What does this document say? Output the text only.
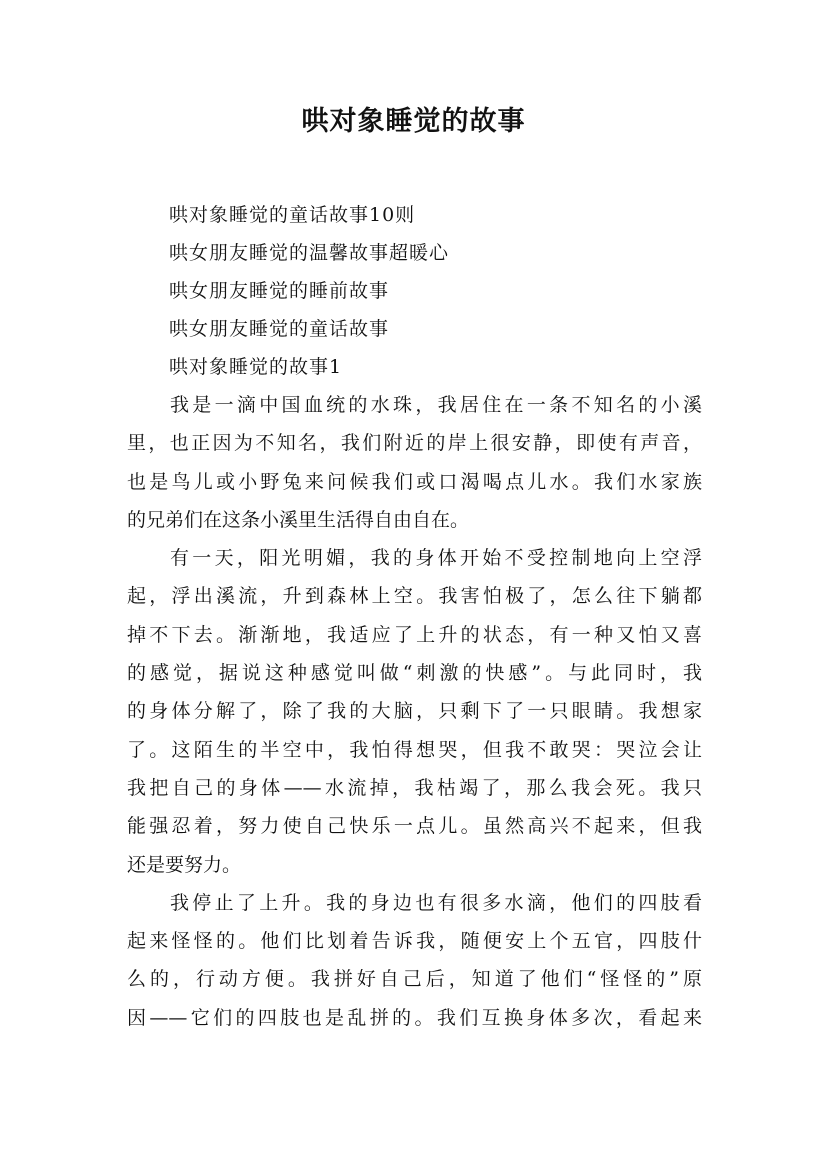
哄对象睡觉的故事
哄对象睡觉的童话故事10则
哄女朋友睡觉的温馨故事超暖心
哄女朋友睡觉的睡前故事
哄女朋友睡觉的童话故事
哄对象睡觉的故事1
我是一滴中国血统的水珠，我居住在一条不知名的小溪
里，也正因为不知名，我们附近的岸上很安静，即使有声音，
也是鸟儿或小野兔来问候我们或口渴喝点儿水。我们水家族
的兄弟们在这条小溪里生活得自由自在。
有一天，阳光明媚，我的身体开始不受控制地向上空浮
起，浮出溪流，升到森林上空。我害怕极了，怎么往下躺都
掉不下去。渐渐地，我适应了上升的状态，有一种又怕又喜
的感觉，据说这种感觉叫做“刺激的快感”。与此同时，我
的身体分解了，除了我的大脑，只剩下了一只眼睛。我想家
了。这陌生的半空中，我怕得想哭，但我不敢哭：哭泣会让
我把自己的身体——水流掉，我枯竭了，那么我会死。我只
能强忍着，努力使自己快乐一点儿。虽然高兴不起来，但我
还是要努力。
我停止了上升。我的身边也有很多水滴，他们的四肢看
起来怪怪的。他们比划着告诉我，随便安上个五官，四肢什
么的，行动方便。我拼好自己后，知道了他们“怪怪的”原
因——它们的四肢也是乱拼的。我们互换身体多次，看起来
